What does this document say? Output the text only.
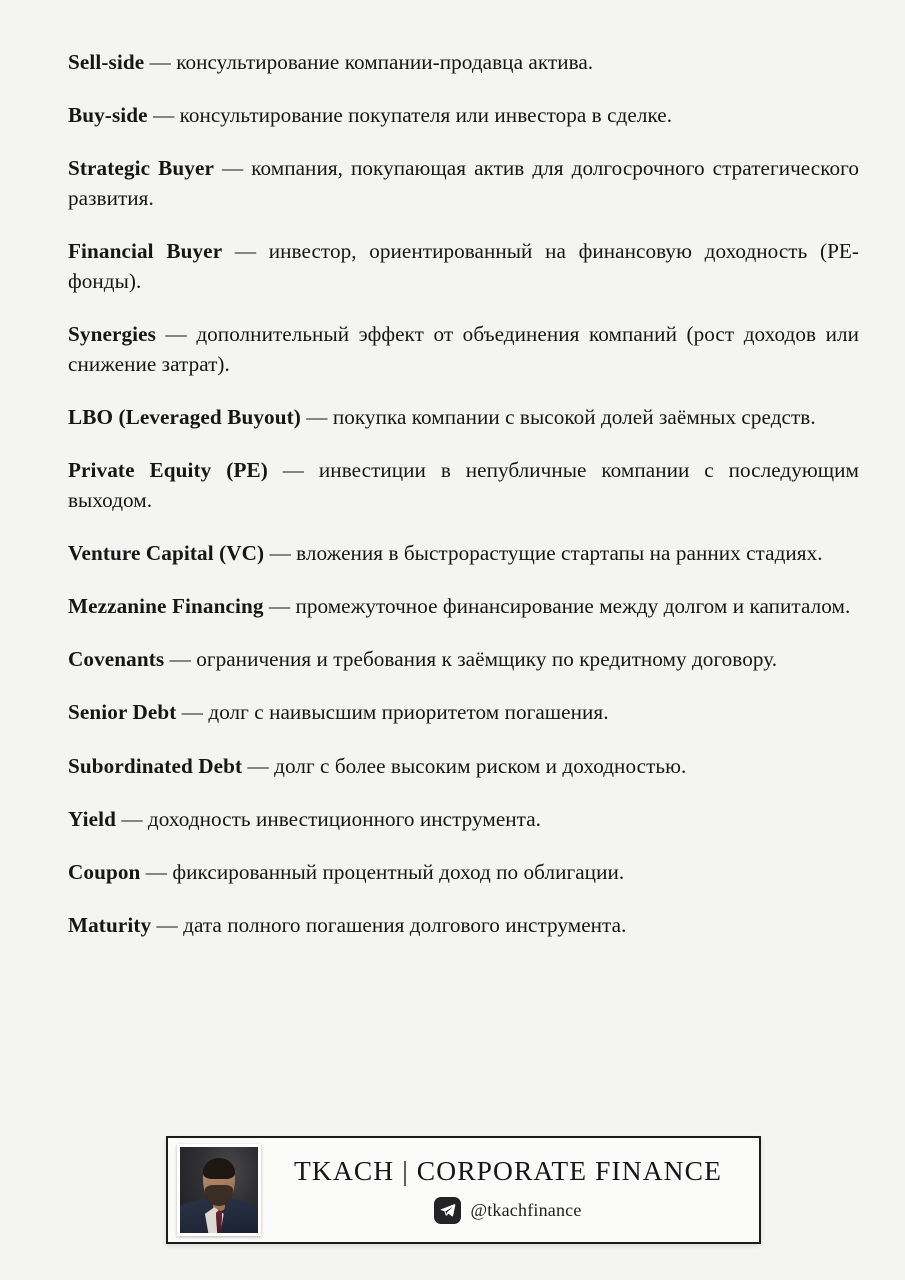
Sell-side — консультирование компании-продавца актива.

Buy-side — консультирование покупателя или инвестора в сделке.

Strategic Buyer — компания, покупающая актив для долгосрочного стратегического развития.

Financial Buyer — инвестор, ориентированный на финансовую доходность (PE-фонды).

Synergies — дополнительный эффект от объединения компаний (рост доходов или снижение затрат).

LBO (Leveraged Buyout) — покупка компании с высокой долей заёмных средств.

Private Equity (PE) — инвестиции в непубличные компании с последующим выходом.

Venture Capital (VC) — вложения в быстрорастущие стартапы на ранних стадиях.

Mezzanine Financing — промежуточное финансирование между долгом и капиталом.

Covenants — ограничения и требования к заёмщику по кредитному договору.

Senior Debt — долг с наивысшим приоритетом погашения.

Subordinated Debt — долг с более высоким риском и доходностью.

Yield — доходность инвестиционного инструмента.

Coupon — фиксированный процентный доход по облигации.

Maturity — дата полного погашения долгового инструмента.

TKACH | CORPORATE FINANCE
@tkachfinance
